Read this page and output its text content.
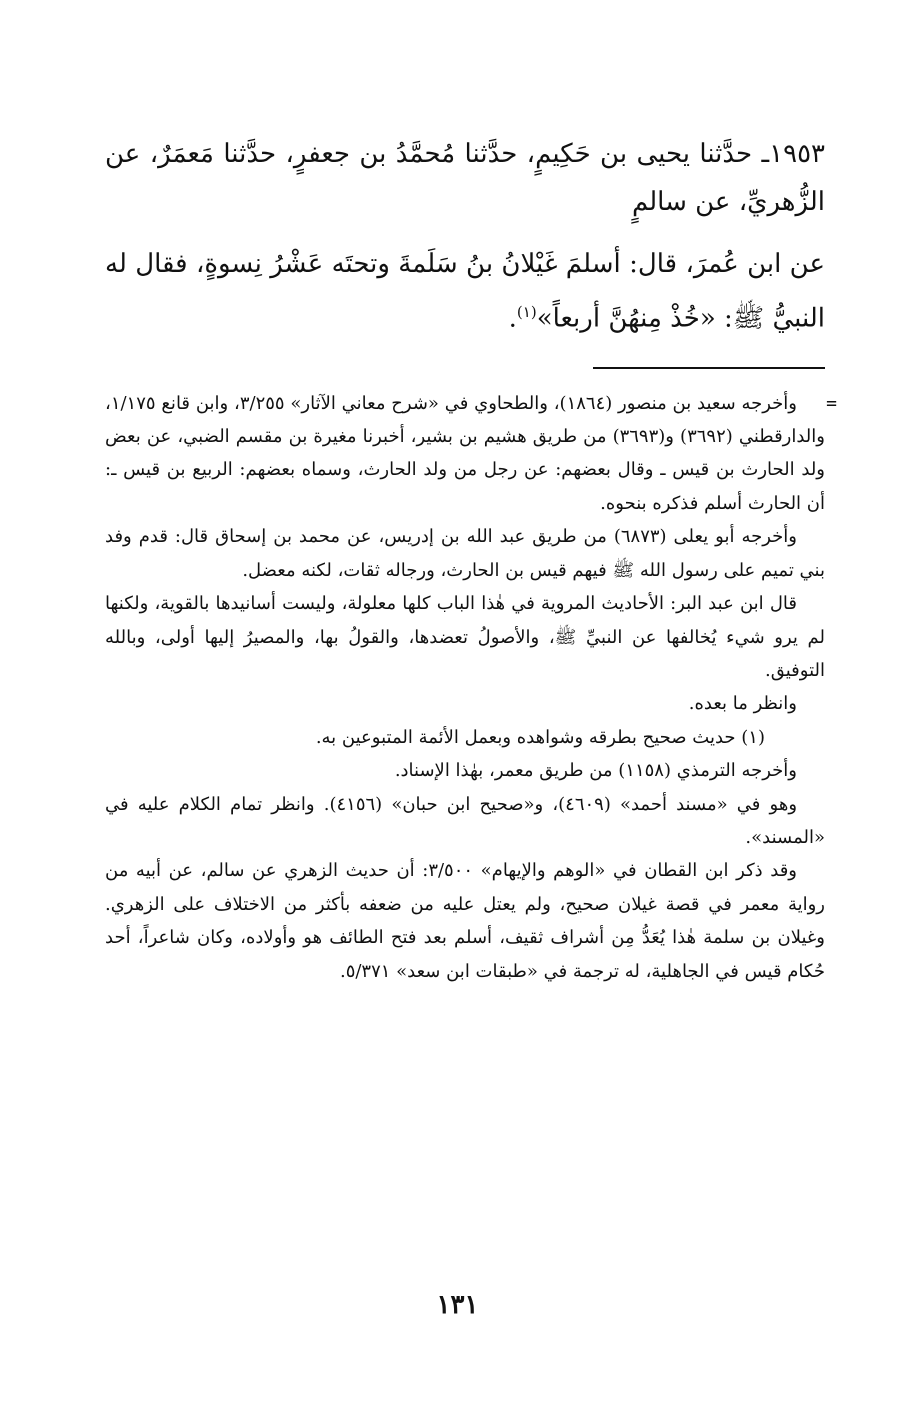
١٩٥٣ـ حدَّثنا يحيى بن حَكِيمٍ، حدَّثنا مُحمَّدُ بن جعفرٍ، حدَّثنا مَعمَرٌ، عن الزُّهريِّ، عن سالمٍ

عن ابن عُمرَ، قال: أسلمَ غَيْلانُ بنُ سَلَمةَ وتحتَه عَشْرُ نِسوةٍ، فقال له النبيُّ ﷺ: «خُذْ مِنهُنَّ أربعاً»$^{(١)}$.

=
وأخرجه سعيد بن منصور (١٨٦٤)، والطحاوي في «شرح معاني الآثار» ٣/٢٥٥، وابن قانع ١/١٧٥، والدارقطني (٣٦٩٢) و(٣٦٩٣) من طريق هشيم بن بشير، أخبرنا مغيرة بن مقسم الضبي، عن بعض ولد الحارث بن قيس ـ وقال بعضهم: عن رجل من ولد الحارث، وسماه بعضهم: الربيع بن قيس ـ: أن الحارث أسلم فذكره بنحوه.

وأخرجه أبو يعلى (٦٨٧٣) من طريق عبد الله بن إدريس، عن محمد بن إسحاق قال: قدم وفد بني تميم على رسول الله ﷺ فيهم قيس بن الحارث، ورجاله ثقات، لكنه معضل.

قال ابن عبد البر: الأحاديث المروية في هٰذا الباب كلها معلولة، وليست أسانيدها بالقوية، ولكنها لم يرو شيء يُخالفها عن النبيِّ ﷺ، والأصولُ تعضدها، والقولُ بها، والمصيرُ إليها أولى، وبالله التوفيق.

وانظر ما بعده.

(١) حديث صحيح بطرقه وشواهده وبعمل الأئمة المتبوعين به.

وأخرجه الترمذي (١١٥٨) من طريق معمر، بهٰذا الإسناد.

وهو في «مسند أحمد» (٤٦٠٩)، و«صحيح ابن حبان» (٤١٥٦). وانظر تمام الكلام عليه في «المسند».

وقد ذكر ابن القطان في «الوهم والإيهام» ٣/٥٠٠: أن حديث الزهري عن سالم، عن أبيه من رواية معمر في قصة غيلان صحيح، ولم يعتل عليه من ضعفه بأكثر من الاختلاف على الزهري. وغيلان بن سلمة هٰذا يُعَدُّ مِن أشراف ثقيف، أسلم بعد فتح الطائف هو وأولاده، وكان شاعراً، أحد حُكام قيس في الجاهلية، له ترجمة في «طبقات ابن سعد» ٥/٣٧١.

١٣١
